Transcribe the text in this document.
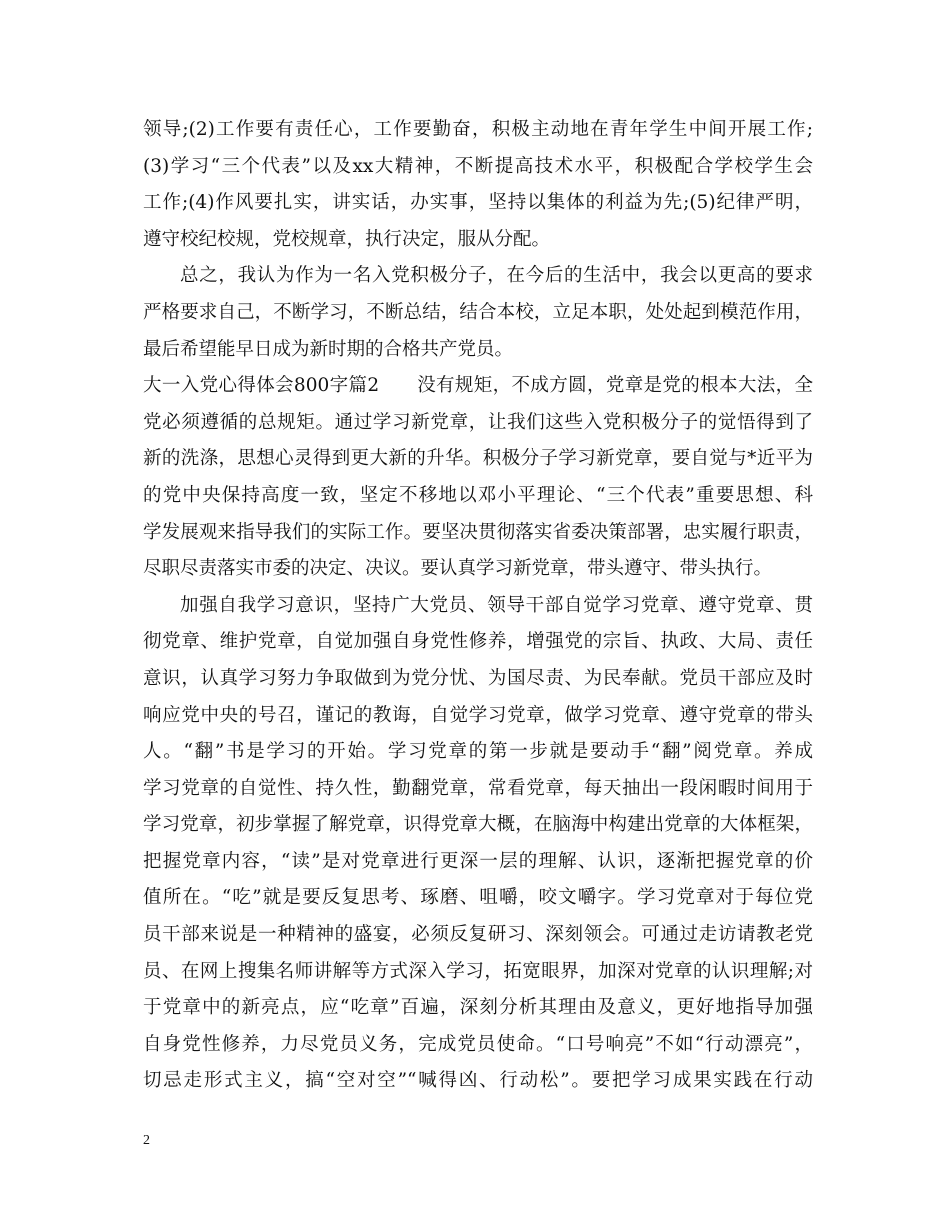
领导;(2)工作要有责任心，工作要勤奋，积极主动地在青年学生中间开展工作;
(3)学习“三个代表”以及xx大精神，不断提高技术水平，积极配合学校学生会
工作;(4)作风要扎实，讲实话，办实事，坚持以集体的利益为先;(5)纪律严明，
遵守校纪校规，党校规章，执行决定，服从分配。
总之，我认为作为一名入党积极分子，在今后的生活中，我会以更高的要求
严格要求自己，不断学习，不断总结，结合本校，立足本职，处处起到模范作用，
最后希望能早日成为新时期的合格共产党员。
大一入党心得体会800字篇2　　没有规矩，不成方圆，党章是党的根本大法，全
党必须遵循的总规矩。通过学习新党章，让我们这些入党积极分子的觉悟得到了
新的洗涤，思想心灵得到更大新的升华。积极分子学习新党章，要自觉与*近平为
的党中央保持高度一致，坚定不移地以邓小平理论、“三个代表”重要思想、科
学发展观来指导我们的实际工作。要坚决贯彻落实省委决策部署，忠实履行职责，
尽职尽责落实市委的决定、决议。要认真学习新党章，带头遵守、带头执行。
加强自我学习意识，坚持广大党员、领导干部自觉学习党章、遵守党章、贯
彻党章、维护党章，自觉加强自身党性修养，增强党的宗旨、执政、大局、责任
意识，认真学习努力争取做到为党分忧、为国尽责、为民奉献。党员干部应及时
响应党中央的号召，谨记的教诲，自觉学习党章，做学习党章、遵守党章的带头
人。“翻”书是学习的开始。学习党章的第一步就是要动手“翻”阅党章。养成
学习党章的自觉性、持久性，勤翻党章，常看党章，每天抽出一段闲暇时间用于
学习党章，初步掌握了解党章，识得党章大概，在脑海中构建出党章的大体框架，
把握党章内容，“读”是对党章进行更深一层的理解、认识，逐渐把握党章的价
值所在。“吃”就是要反复思考、琢磨、咀嚼，咬文嚼字。学习党章对于每位党
员干部来说是一种精神的盛宴，必须反复研习、深刻领会。可通过走访请教老党
员、在网上搜集名师讲解等方式深入学习，拓宽眼界，加深对党章的认识理解;对
于党章中的新亮点，应“吃章”百遍，深刻分析其理由及意义，更好地指导加强
自身党性修养，力尽党员义务，完成党员使命。“口号响亮”不如“行动漂亮”，
切忌走形式主义，搞“空对空”“喊得凶、行动松”。要把学习成果实践在行动
2
